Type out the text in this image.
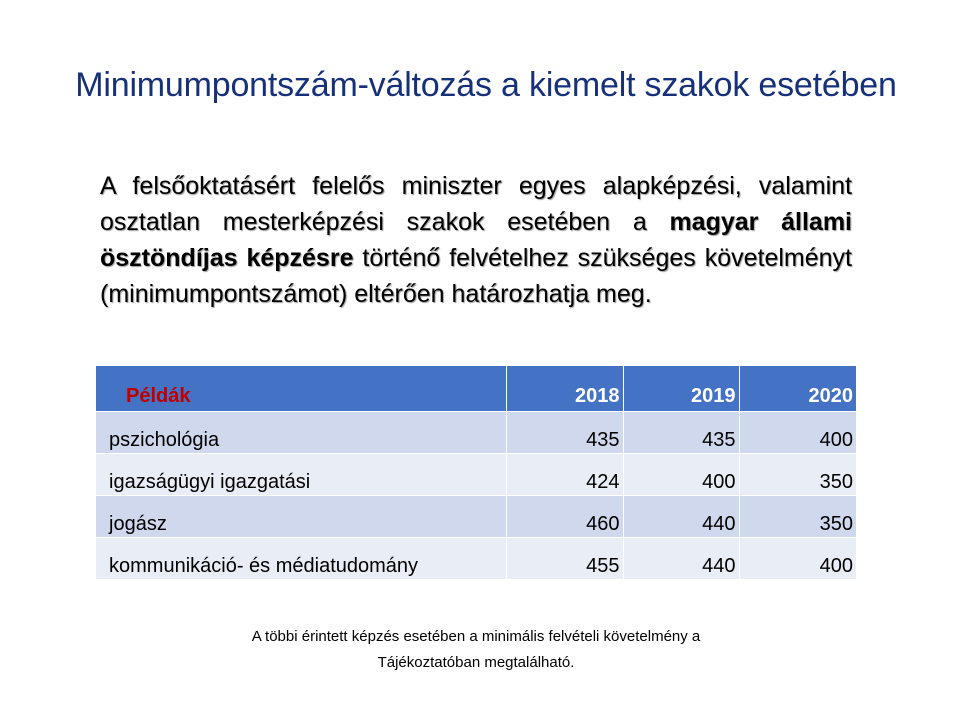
Minimumpontszám-változás a kiemelt szakok esetében
A felsőoktatásért felelős miniszter egyes alapképzési, valamint osztatlan mesterképzési szakok esetében a magyar állami ösztöndíjas képzésre történő felvételhez szükséges követelményt (minimumpontszámot) eltérően határozhatja meg.
Példák	2018	2019	2020
pszichológia	435	435	400
igazságügyi igazgatási	424	400	350
jogász	460	440	350
kommunikáció- és médiatudomány	455	440	400
A többi érintett képzés esetében a minimális felvételi követelmény a
Tájékoztatóban megtalálható.
